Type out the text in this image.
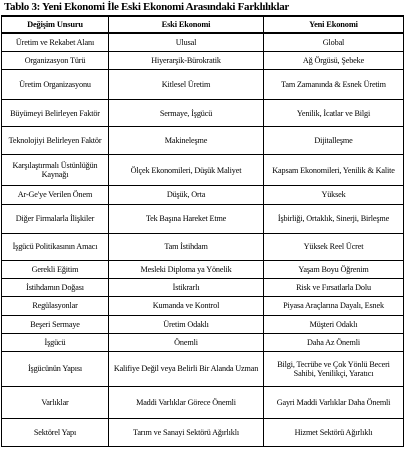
Tablo 3: Yeni Ekonomi İle Eski Ekonomi Arasındaki Farklılıklar
Değişim Unsuru	Eski Ekonomi	Yeni Ekonomi
Üretim ve Rekabet Alanı	Ulusal	Global
Organizasyon Türü	Hiyerarşik-Bürokratik	Ağ Örgüsü, Şebeke
Üretim Organizasyonu	Kitlesel Üretim	Tam Zamanında & Esnek Üretim
Büyümeyi Belirleyen Faktör	Sermaye, İşgücü	Yenilik, İcatlar ve Bilgi
Teknolojiyi Belirleyen Faktör	Makineleşme	Dijitalleşme
Karşılaştırmalı Üstünlüğün Kaynağı	Ölçek Ekonomileri, Düşük Maliyet	Kapsam Ekonomileri, Yenilik & Kalite
Ar-Ge'ye Verilen Önem	Düşük, Orta	Yüksek
Diğer Firmalarla İlişkiler	Tek Başına Hareket Etme	İşbirliği, Ortaklık, Sinerji, Birleşme
İşgücü Politikasının Amacı	Tam İstihdam	Yüksek Reel Ücret
Gerekli Eğitim	Mesleki Diploma ya Yönelik	Yaşam Boyu Öğrenim
İstihdamın Doğası	İstikrarlı	Risk ve Fırsatlarla Dolu
Regülasyonlar	Kumanda ve Kontrol	Piyasa Araçlarına Dayalı, Esnek
Beşeri Sermaye	Üretim Odaklı	Müşteri Odaklı
İşgücü	Önemli	Daha Az Önemli
İşgücünün Yapısı	Kalifiye Değil veya Belirli Bir Alanda Uzman	Bilgi, Tecrübe ve Çok Yönlü Beceri Sahibi, Yenilikçi, Yaratıcı
Varlıklar	Maddi Varlıklar Görece Önemli	Gayri Maddi Varlıklar Daha Önemli
Sektörel Yapı	Tarım ve Sanayi Sektörü Ağırlıklı	Hizmet Sektörü Ağırlıklı
